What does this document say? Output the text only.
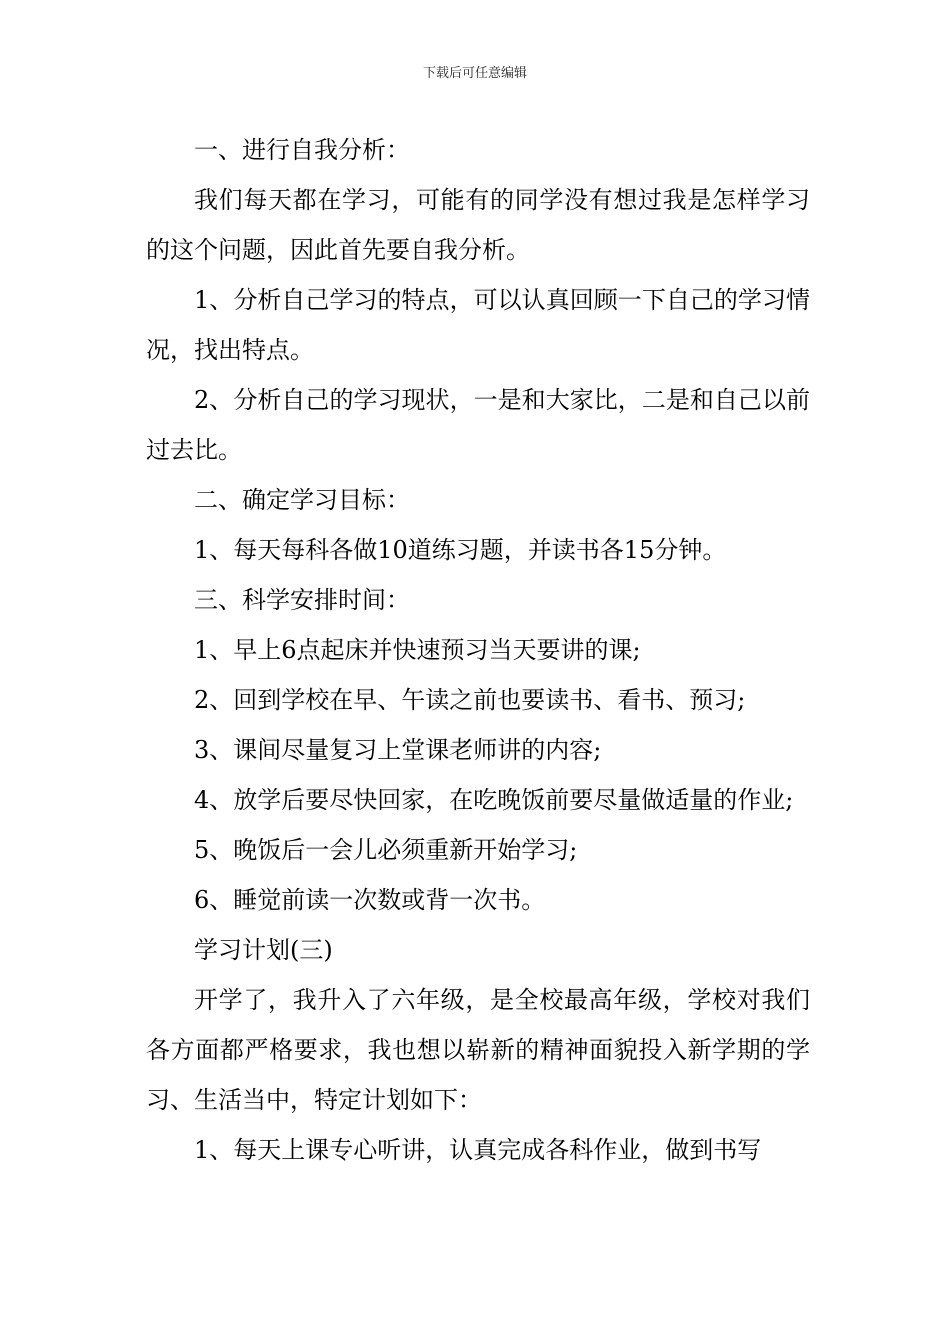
下载后可任意编辑

一、进行自我分析：

我们每天都在学习，可能有的同学没有想过我是怎样学习的这个问题，因此首先要自我分析。

1、分析自己学习的特点，可以认真回顾一下自己的学习情况，找出特点。

2、分析自己的学习现状，一是和大家比，二是和自己以前过去比。

二、确定学习目标：

1、每天每科各做10道练习题，并读书各15分钟。

三、科学安排时间：

1、早上6点起床并快速预习当天要讲的课;

2、回到学校在早、午读之前也要读书、看书、预习;

3、课间尽量复习上堂课老师讲的内容;

4、放学后要尽快回家，在吃晚饭前要尽量做适量的作业;

5、晚饭后一会儿必须重新开始学习;

6、睡觉前读一次数或背一次书。

学习计划(三)

开学了，我升入了六年级，是全校最高年级，学校对我们各方面都严格要求，我也想以崭新的精神面貌投入新学期的学习、生活当中，特定计划如下：

1、每天上课专心听讲，认真完成各科作业，做到书写
